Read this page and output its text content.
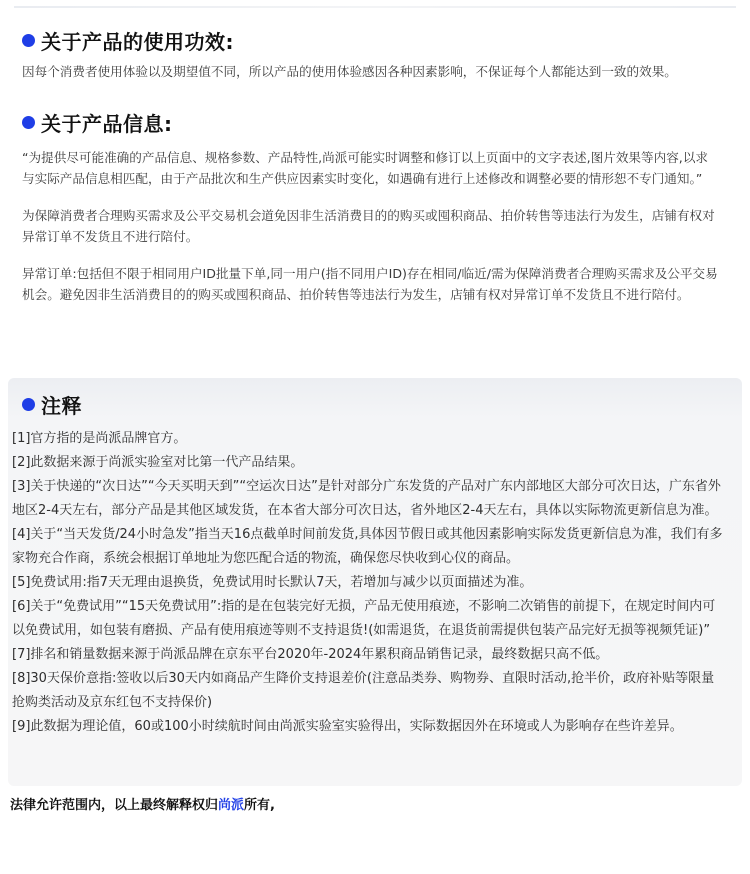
关于产品的使用功效:

因每个消费者使用体验以及期望值不同，所以产品的使用体验感因各种因素影响，不保证每个人都能达到一致的效果。

关于产品信息:

“为提供尽可能准确的产品信息、规格参数、产品特性,尚派可能实时调整和修订以上页面中的文字表述,图片效果等内容,以求与实际产品信息相匹配，由于产品批次和生产供应因素实时变化，如遇确有进行上述修改和调整必要的情形恕不专门通知。”

为保障消费者合理购买需求及公平交易机会道免因非生活消费目的的购买或囤积商品、拍价转售等违法行为发生，店铺有权对异常订单不发货且不进行陪付。

异常订单:包括但不限于相同用户ID批量下单,同一用户(指不同用户ID)存在相同/临近/需为保障消费者合理购买需求及公平交易机会。避免因非生活消费目的的购买或囤积商品、拍价转售等违法行为发生，店铺有权对异常订单不发货且不进行陪付。

注释
[1]官方指的是尚派品牌官方。
[2]此数据来源于尚派实验室对比第一代产品结果。
[3]关于快递的“次日达”“今天买明天到”“空运次日达”是针对部分广东发货的产品对广东内部地区大部分可次日达，广东省外地区2-4天左右，部分产品是其他区域发货，在本省大部分可次日达，省外地区2-4天左右，具体以实际物流更新信息为准。
[4]关于“当天发货/24小时急发”指当天16点截单时间前发货,具体因节假日或其他因素影响实际发货更新信息为准，我们有多家物充合作商，系统会根据订单地址为您匹配合适的物流，确保您尽快收到心仪的商品。
[5]免费试用:指7天无理由退换货，免费试用时长默认7天，若增加与减少以页面描述为准。
[6]关于“免费试用”“15天免费试用”:指的是在包装完好无损，产品无使用痕迹，不影响二次销售的前提下，在规定时间内可以免费试用，如包装有磨损、产品有使用痕迹等则不支持退货!(如需退货，在退货前需提供包装产品完好无损等视频凭证)”
[7]排名和销量数据来源于尚派品牌在京东平台2020年-2024年累积商品销售记录，最终数据只高不低。
[8]30天保价意指:签收以后30天内如商品产生降价支持退差价(注意品类券、购物券、直限时活动,抢半价，政府补贴等限量抢购类活动及京东红包不支持保价)
[9]此数据为理论值，60或100小时续航时间由尚派实验室实验得出，实际数据因外在环境或人为影响存在些许差异。
法律允许范围内，以上最终解释权归尚派所有,
